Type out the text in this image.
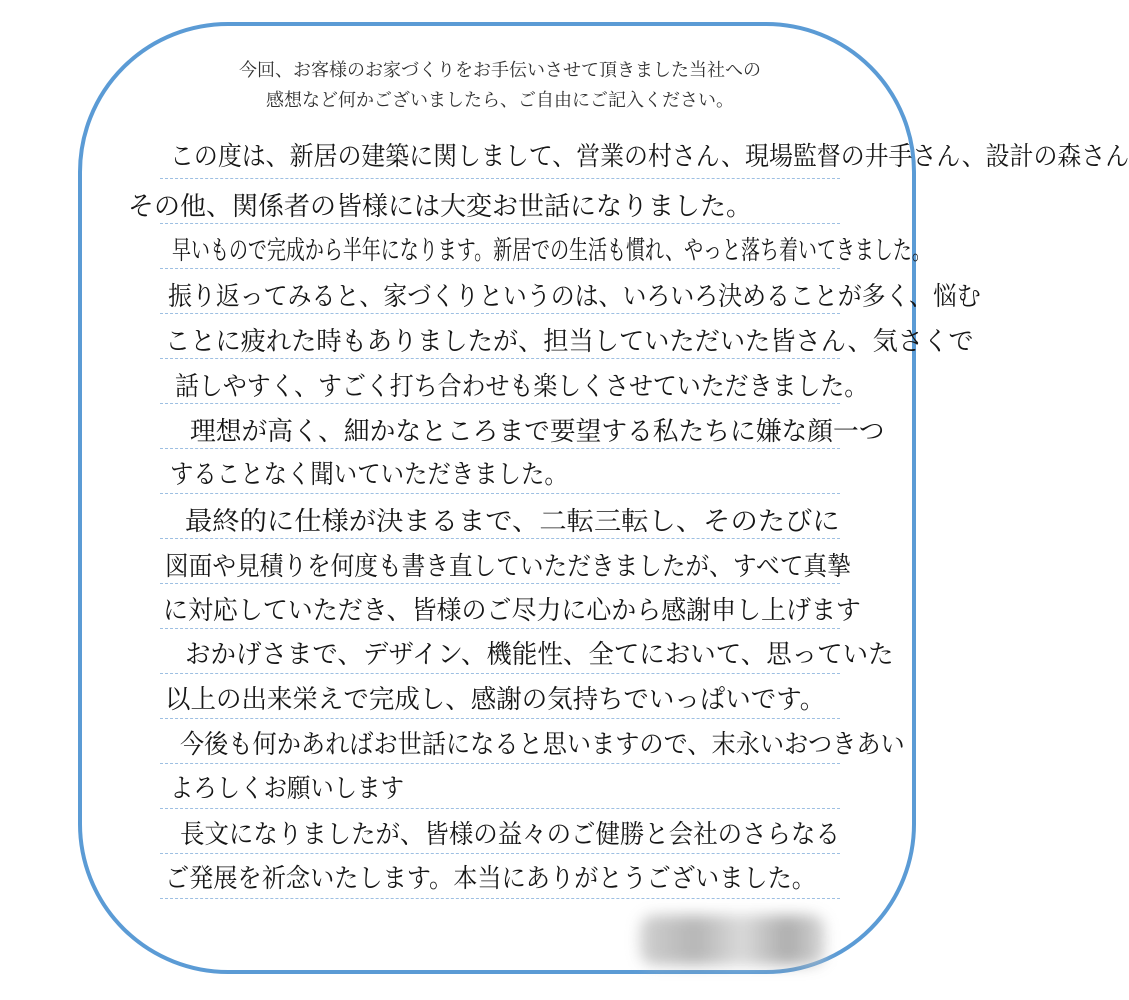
今回、お客様のお家づくりをお手伝いさせて頂きました当社への
感想など何かございましたら、ご自由にご記入ください。
この度は、新居の建築に関しまして、営業の村さん、現場監督の井手さん、設計の森さん
その他、関係者の皆様には大変お世話になりました。
早いもので完成から半年になります。新居での生活も慣れ、やっと落ち着いてきました。
振り返ってみると、家づくりというのは、いろいろ決めることが多く、悩む
ことに疲れた時もありましたが、担当していただいた皆さん、気さくで
話しやすく、すごく打ち合わせも楽しくさせていただきました。
理想が高く、細かなところまで要望する私たちに嫌な顔一つ
することなく聞いていただきました。
最終的に仕様が決まるまで、二転三転し、そのたびに
図面や見積りを何度も書き直していただきましたが、すべて真摯
に対応していただき、皆様のご尽力に心から感謝申し上げます
おかげさまで、デザイン、機能性、全てにおいて、思っていた
以上の出来栄えで完成し、感謝の気持ちでいっぱいです。
今後も何かあればお世話になると思いますので、末永いおつきあい
よろしくお願いします
長文になりましたが、皆様の益々のご健勝と会社のさらなる
ご発展を祈念いたします。本当にありがとうございました。
